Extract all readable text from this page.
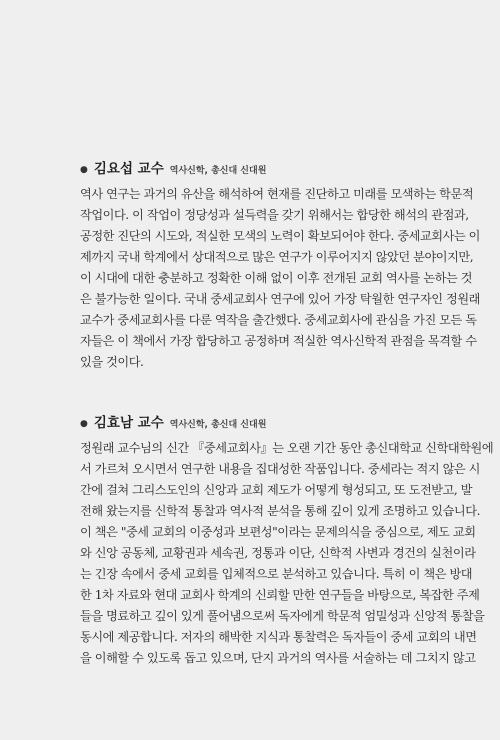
● 김요섭 교수 역사신학, 총신대 신대원
역사 연구는 과거의 유산을 해석하여 현재를 진단하고 미래를 모색하는 학문적
작업이다. 이 작업이 정당성과 설득력을 갖기 위해서는 합당한 해석의 관점과,
공정한 진단의 시도와, 적실한 모색의 노력이 확보되어야 한다. 중세교회사는 이
제까지 국내 학계에서 상대적으로 많은 연구가 이루어지지 않았던 분야이지만,
이 시대에 대한 충분하고 정확한 이해 없이 이후 전개된 교회 역사를 논하는 것
은 불가능한 일이다. 국내 중세교회사 연구에 있어 가장 탁월한 연구자인 정원래
교수가 중세교회사를 다룬 역작을 출간했다. 중세교회사에 관심을 가진 모든 독
자들은 이 책에서 가장 합당하고 공정하며 적실한 역사신학적 관점을 목격할 수
있을 것이다.
● 김효남 교수 역사신학, 총신대 신대원
정원래 교수님의 신간 『중세교회사』는 오랜 기간 동안 총신대학교 신학대학원에
서 가르쳐 오시면서 연구한 내용을 집대성한 작품입니다. 중세라는 적지 않은 시
간에 걸쳐 그리스도인의 신앙과 교회 제도가 어떻게 형성되고, 또 도전받고, 발
전해 왔는지를 신학적 통찰과 역사적 분석을 통해 깊이 있게 조명하고 있습니다.
이 책은 "중세 교회의 이중성과 보편성"이라는 문제의식을 중심으로, 제도 교회
와 신앙 공동체, 교황권과 세속권, 정통과 이단, 신학적 사변과 경건의 실천이라
는 긴장 속에서 중세 교회를 입체적으로 분석하고 있습니다. 특히 이 책은 방대
한 1차 자료와 현대 교회사 학계의 신뢰할 만한 연구들을 바탕으로, 복잡한 주제
들을 명료하고 깊이 있게 풀어냄으로써 독자에게 학문적 엄밀성과 신앙적 통찰을
동시에 제공합니다. 저자의 해박한 지식과 통찰력은 독자들이 중세 교회의 내면
을 이해할 수 있도록 돕고 있으며, 단지 과거의 역사를 서술하는 데 그치지 않고
